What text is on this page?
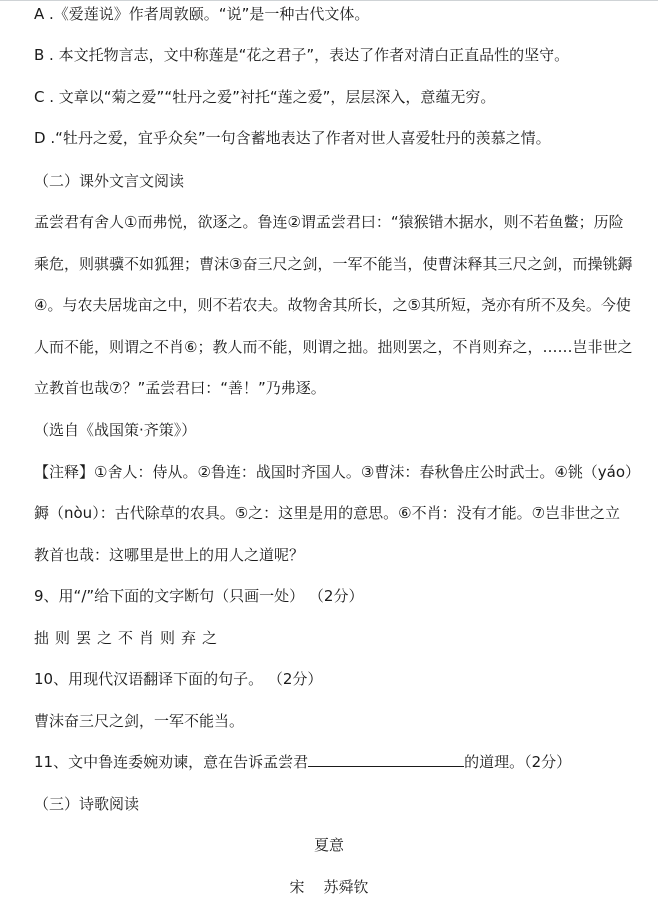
A .《爱莲说》作者周敦颐。“说”是一种古代文体。
B . 本文托物言志，文中称莲是“花之君子”，表达了作者对清白正直品性的坚守。
C . 文章以“菊之爱”“牡丹之爱”衬托“莲之爱”，层层深入，意蕴无穷。
D .“牡丹之爱，宜乎众矣”一句含蓄地表达了作者对世人喜爱牡丹的羡慕之情。
（二）课外文言文阅读
孟尝君有舍人①而弗悦，欲逐之。鲁连②谓孟尝君曰：“猿猴错木据水，则不若鱼鳖；历险
乘危，则骐骥不如狐狸；曹沫③奋三尺之剑，一军不能当，使曹沫释其三尺之剑，而操铫鎒
④。与农夫居垅亩之中，则不若农夫。故物舍其所长，之⑤其所短，尧亦有所不及矣。今使
人而不能，则谓之不肖⑥；教人而不能，则谓之拙。拙则罢之，不肖则弃之，……岂非世之
立教首也哉⑦？”孟尝君曰：“善！”乃弗逐。
（选自《战国策·齐策》）
【注释】①舍人：侍从。②鲁连：战国时齐国人。③曹沫：春秋鲁庄公时武士。④铫（yáo）
鎒（nòu）：古代除草的农具。⑤之：这里是用的意思。⑥不肖：没有才能。⑦岂非世之立
教首也哉：这哪里是世上的用人之道呢？
9、用“/”给下面的文字断句（只画一处） （2分）
拙则罢之不肖则弃之
10、用现代汉语翻译下面的句子。 （2分）
曹沫奋三尺之剑，一军不能当。
11、文中鲁连委婉劝谏，意在告诉孟尝君	的道理。（2分）
（三）诗歌阅读
夏意
宋    苏舜钦
